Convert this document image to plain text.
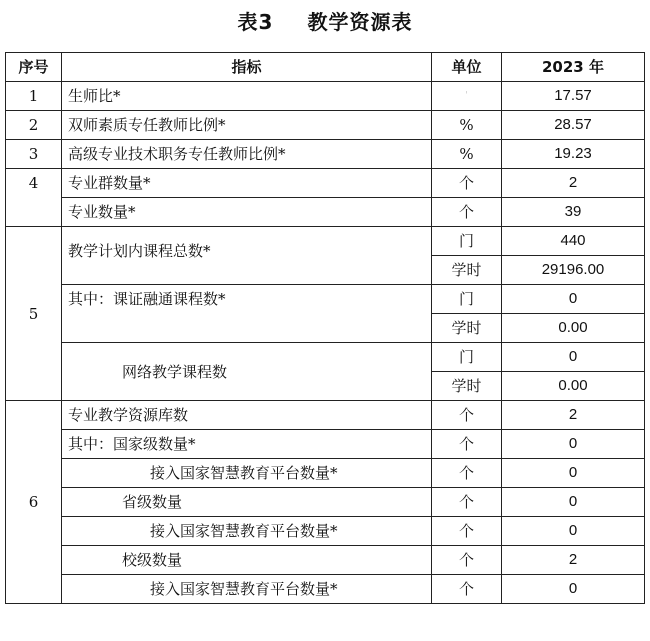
表3 教学资源表
序号	指标	单位	2023 年
1	生师比*	'	17.57
2	双师素质专任教师比例*	%	28.57
3	高级专业技术职务专任教师比例*	%	19.23
4	专业群数量*	个	2
	专业数量*	个	39
5	教学计划内课程总数*	门	440
		学时	29196.00
	其中：课证融通课程数*	门	0
		学时	0.00
	网络教学课程数	门	0
		学时	0.00
6	专业教学资源库数	个	2
	其中：国家级数量*	个	0
	接入国家智慧教育平台数量*	个	0
	省级数量	个	0
	接入国家智慧教育平台数量*	个	0
	校级数量	个	2
	接入国家智慧教育平台数量*	个	0
